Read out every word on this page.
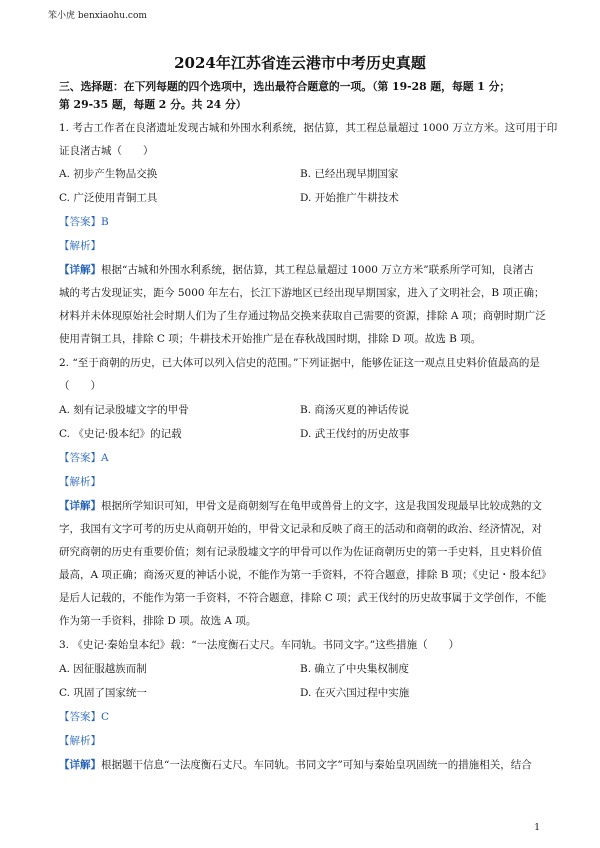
笨小虎 benxiaohu.com
2024年江苏省连云港市中考历史真题
三、选择题：在下列每题的四个选项中，选出最符合题意的一项。（第 19-28 题，每题 1 分；
第 29-35 题，每题 2 分。共 24 分）
1. 考古工作者在良渚遗址发现古城和外围水利系统，据估算，其工程总量超过 1000 万立方米。这可用于印
证良渚古城（　　）
A. 初步产生物品交换	B. 已经出现早期国家
C. 广泛使用青铜工具	D. 开始推广牛耕技术
【答案】B
【解析】
【详解】根据“古城和外围水利系统，据估算，其工程总量超过 1000 万立方米”联系所学可知，良渚古
城的考古发现证实，距今 5000 年左右，长江下游地区已经出现早期国家，进入了文明社会，B 项正确；
材料并未体现原始社会时期人们为了生存通过物品交换来获取自己需要的资源，排除 A 项；商朝时期广泛
使用青铜工具，排除 C 项；牛耕技术开始推广是在春秋战国时期，排除 D 项。故选 B 项。
2. “至于商朝的历史，已大体可以列入信史的范围。”下列证据中，能够佐证这一观点且史料价值最高的是
（　　）
A. 刻有记录殷墟文字的甲骨	B. 商汤灭夏的神话传说
C. 《史记·殷本纪》的记载	D. 武王伐纣的历史故事
【答案】A
【解析】
【详解】根据所学知识可知，甲骨文是商朝刻写在龟甲或兽骨上的文字，这是我国发现最早比较成熟的文
字，我国有文字可考的历史从商朝开始的，甲骨文记录和反映了商王的活动和商朝的政治、经济情况，对
研究商朝的历史有重要价值；刻有记录殷墟文字的甲骨可以作为佐证商朝历史的第一手史料，且史料价值
最高，A 项正确；商汤灭夏的神话小说，不能作为第一手资料，不符合题意，排除 B 项；《史记・殷本纪》
是后人记载的，不能作为第一手资料，不符合题意，排除 C 项；武王伐纣的历史故事属于文学创作，不能
作为第一手资料，排除 D 项。故选 A 项。
3. 《史记·秦始皇本纪》载：“一法度衡石丈尺。车同轨。书同文字。”这些措施（　　）
A. 因征服越族而制	B. 确立了中央集权制度
C. 巩固了国家统一	D. 在灭六国过程中实施
【答案】C
【解析】
【详解】根据题干信息“一法度衡石丈尺。车同轨。书同文字”可知与秦始皇巩固统一的措施相关，结合
1
